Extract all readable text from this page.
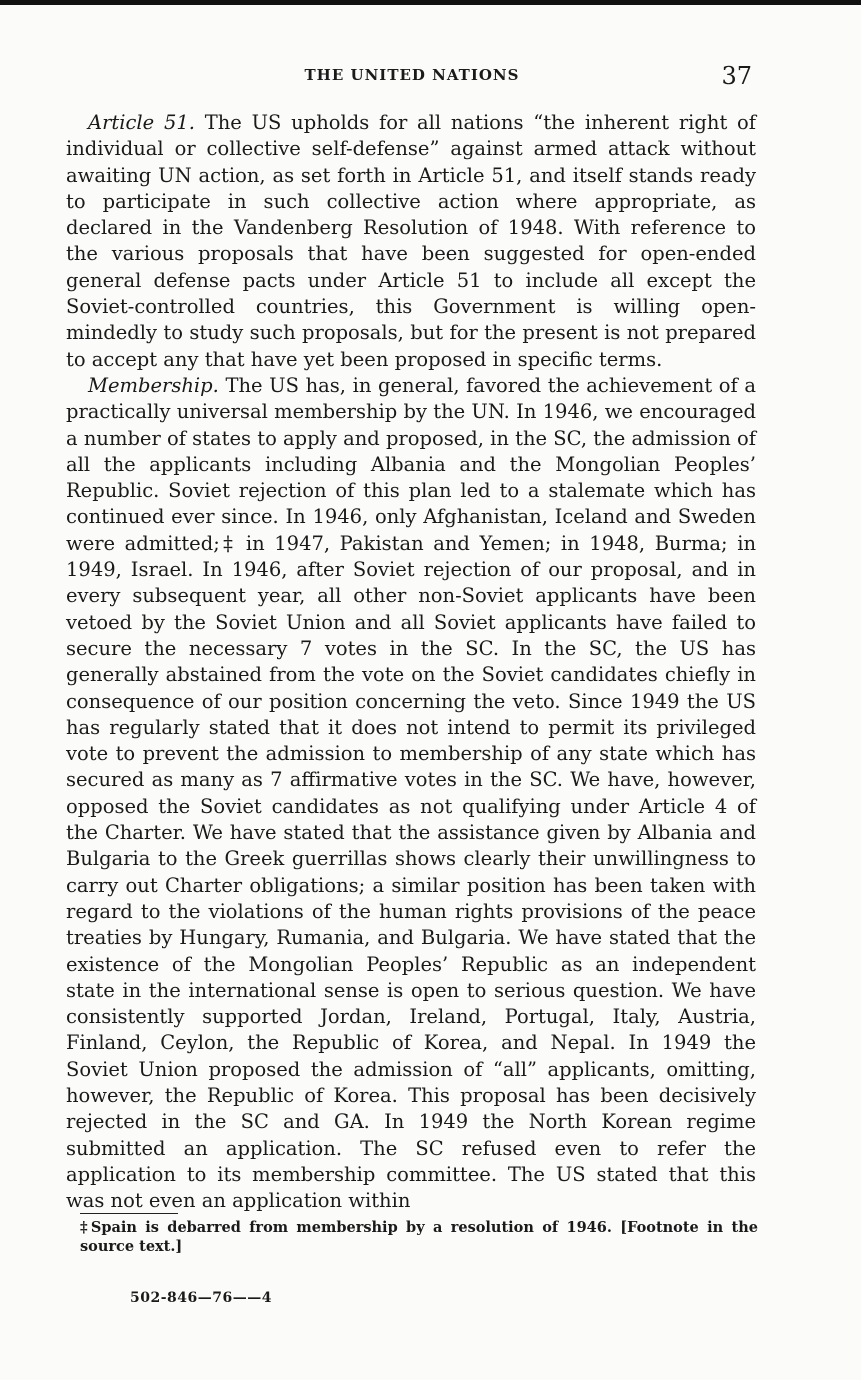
THE UNITED NATIONS	37

Article 51. The US upholds for all nations “the inherent right of individual or collective self-defense” against armed attack without awaiting UN action, as set forth in Article 51, and itself stands ready to participate in such collective action where appropriate, as declared in the Vandenberg Resolution of 1948. With reference to the various proposals that have been suggested for open-ended general defense pacts under Article 51 to include all except the Soviet-controlled countries, this Government is willing open-mindedly to study such proposals, but for the present is not prepared to accept any that have yet been proposed in specific terms.

Membership. The US has, in general, favored the achievement of a practically universal membership by the UN. In 1946, we encouraged a number of states to apply and proposed, in the SC, the admission of all the applicants including Albania and the Mongolian Peoples’ Republic. Soviet rejection of this plan led to a stalemate which has continued ever since. In 1946, only Afghanistan, Iceland and Sweden were admitted;‡ in 1947, Pakistan and Yemen; in 1948, Burma; in 1949, Israel. In 1946, after Soviet rejection of our proposal, and in every subsequent year, all other non-Soviet applicants have been vetoed by the Soviet Union and all Soviet applicants have failed to secure the necessary 7 votes in the SC. In the SC, the US has generally abstained from the vote on the Soviet candidates chiefly in consequence of our position concerning the veto. Since 1949 the US has regularly stated that it does not intend to permit its privileged vote to prevent the admission to membership of any state which has secured as many as 7 affirmative votes in the SC. We have, however, opposed the Soviet candidates as not qualifying under Article 4 of the Charter. We have stated that the assistance given by Albania and Bulgaria to the Greek guerrillas shows clearly their unwillingness to carry out Charter obligations; a similar position has been taken with regard to the violations of the human rights provisions of the peace treaties by Hungary, Rumania, and Bulgaria. We have stated that the existence of the Mongolian Peoples’ Republic as an independent state in the international sense is open to serious question. We have consistently supported Jordan, Ireland, Portugal, Italy, Austria, Finland, Ceylon, the Republic of Korea, and Nepal. In 1949 the Soviet Union proposed the admission of “all” applicants, omitting, however, the Republic of Korea. This proposal has been decisively rejected in the SC and GA. In 1949 the North Korean regime submitted an application. The SC refused even to refer the application to its membership committee. The US stated that this was not even an application within

‡Spain is debarred from membership by a resolution of 1946. [Footnote in the source text.]
502-846—76——4
